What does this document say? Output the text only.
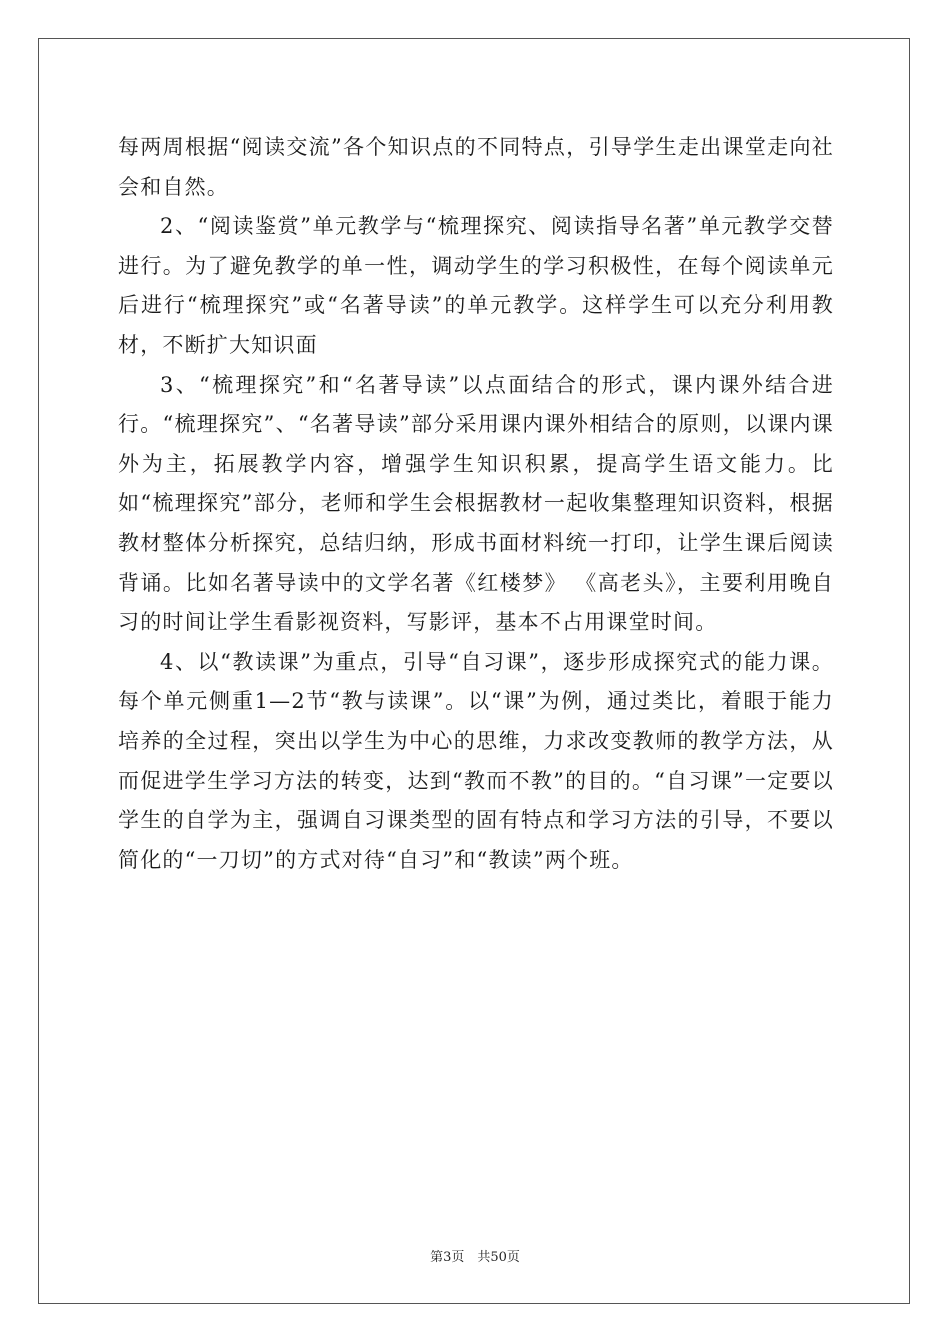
每两周根据“阅读交流”各个知识点的不同特点，引导学生走出课堂走向社会和自然。

2、“阅读鉴赏”单元教学与“梳理探究、阅读指导名著”单元教学交替进行。为了避免教学的单一性，调动学生的学习积极性，在每个阅读单元后进行“梳理探究”或“名著导读”的单元教学。这样学生可以充分利用教材，不断扩大知识面

3、“梳理探究”和“名著导读”以点面结合的形式，课内课外结合进行。“梳理探究”、“名著导读”部分采用课内课外相结合的原则，以课内课外为主，拓展教学内容，增强学生知识积累，提高学生语文能力。比如“梳理探究”部分，老师和学生会根据教材一起收集整理知识资料，根据教材整体分析探究，总结归纳，形成书面材料统一打印，让学生课后阅读背诵。比如名著导读中的文学名著《红楼梦》 《高老头》，主要利用晚自习的时间让学生看影视资料，写影评，基本不占用课堂时间。

4、以“教读课”为重点，引导“自习课”，逐步形成探究式的能力课。每个单元侧重1—2节“教与读课”。以“课”为例，通过类比，着眼于能力培养的全过程，突出以学生为中心的思维，力求改变教师的教学方法，从而促进学生学习方法的转变，达到“教而不教”的目的。“自习课”一定要以学生的自学为主，强调自习课类型的固有特点和学习方法的引导，不要以简化的“一刀切”的方式对待“自习”和“教读”两个班。

第3页　共50页
